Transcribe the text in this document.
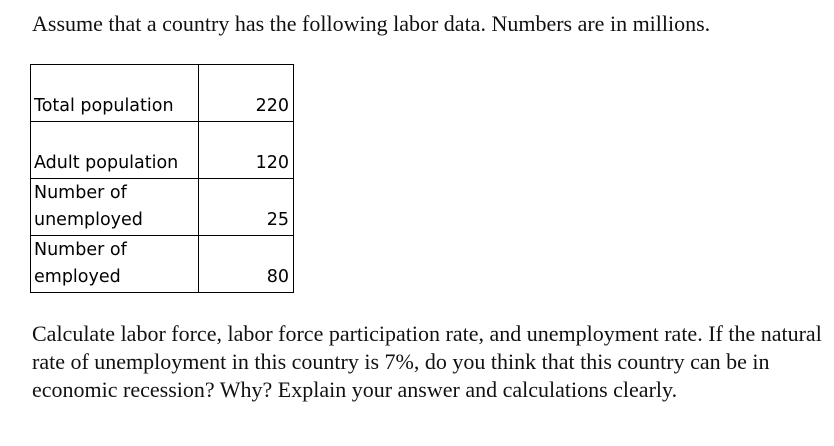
Assume that a country has the following labor data. Numbers are in millions.

Total population	220

Adult population	120

Number of
unemployed	25

Number of
employed	80

Calculate labor force, labor force participation rate, and unemployment rate. If the natural rate of unemployment in this country is 7%, do you think that this country can be in economic recession? Why? Explain your answer and calculations clearly.
